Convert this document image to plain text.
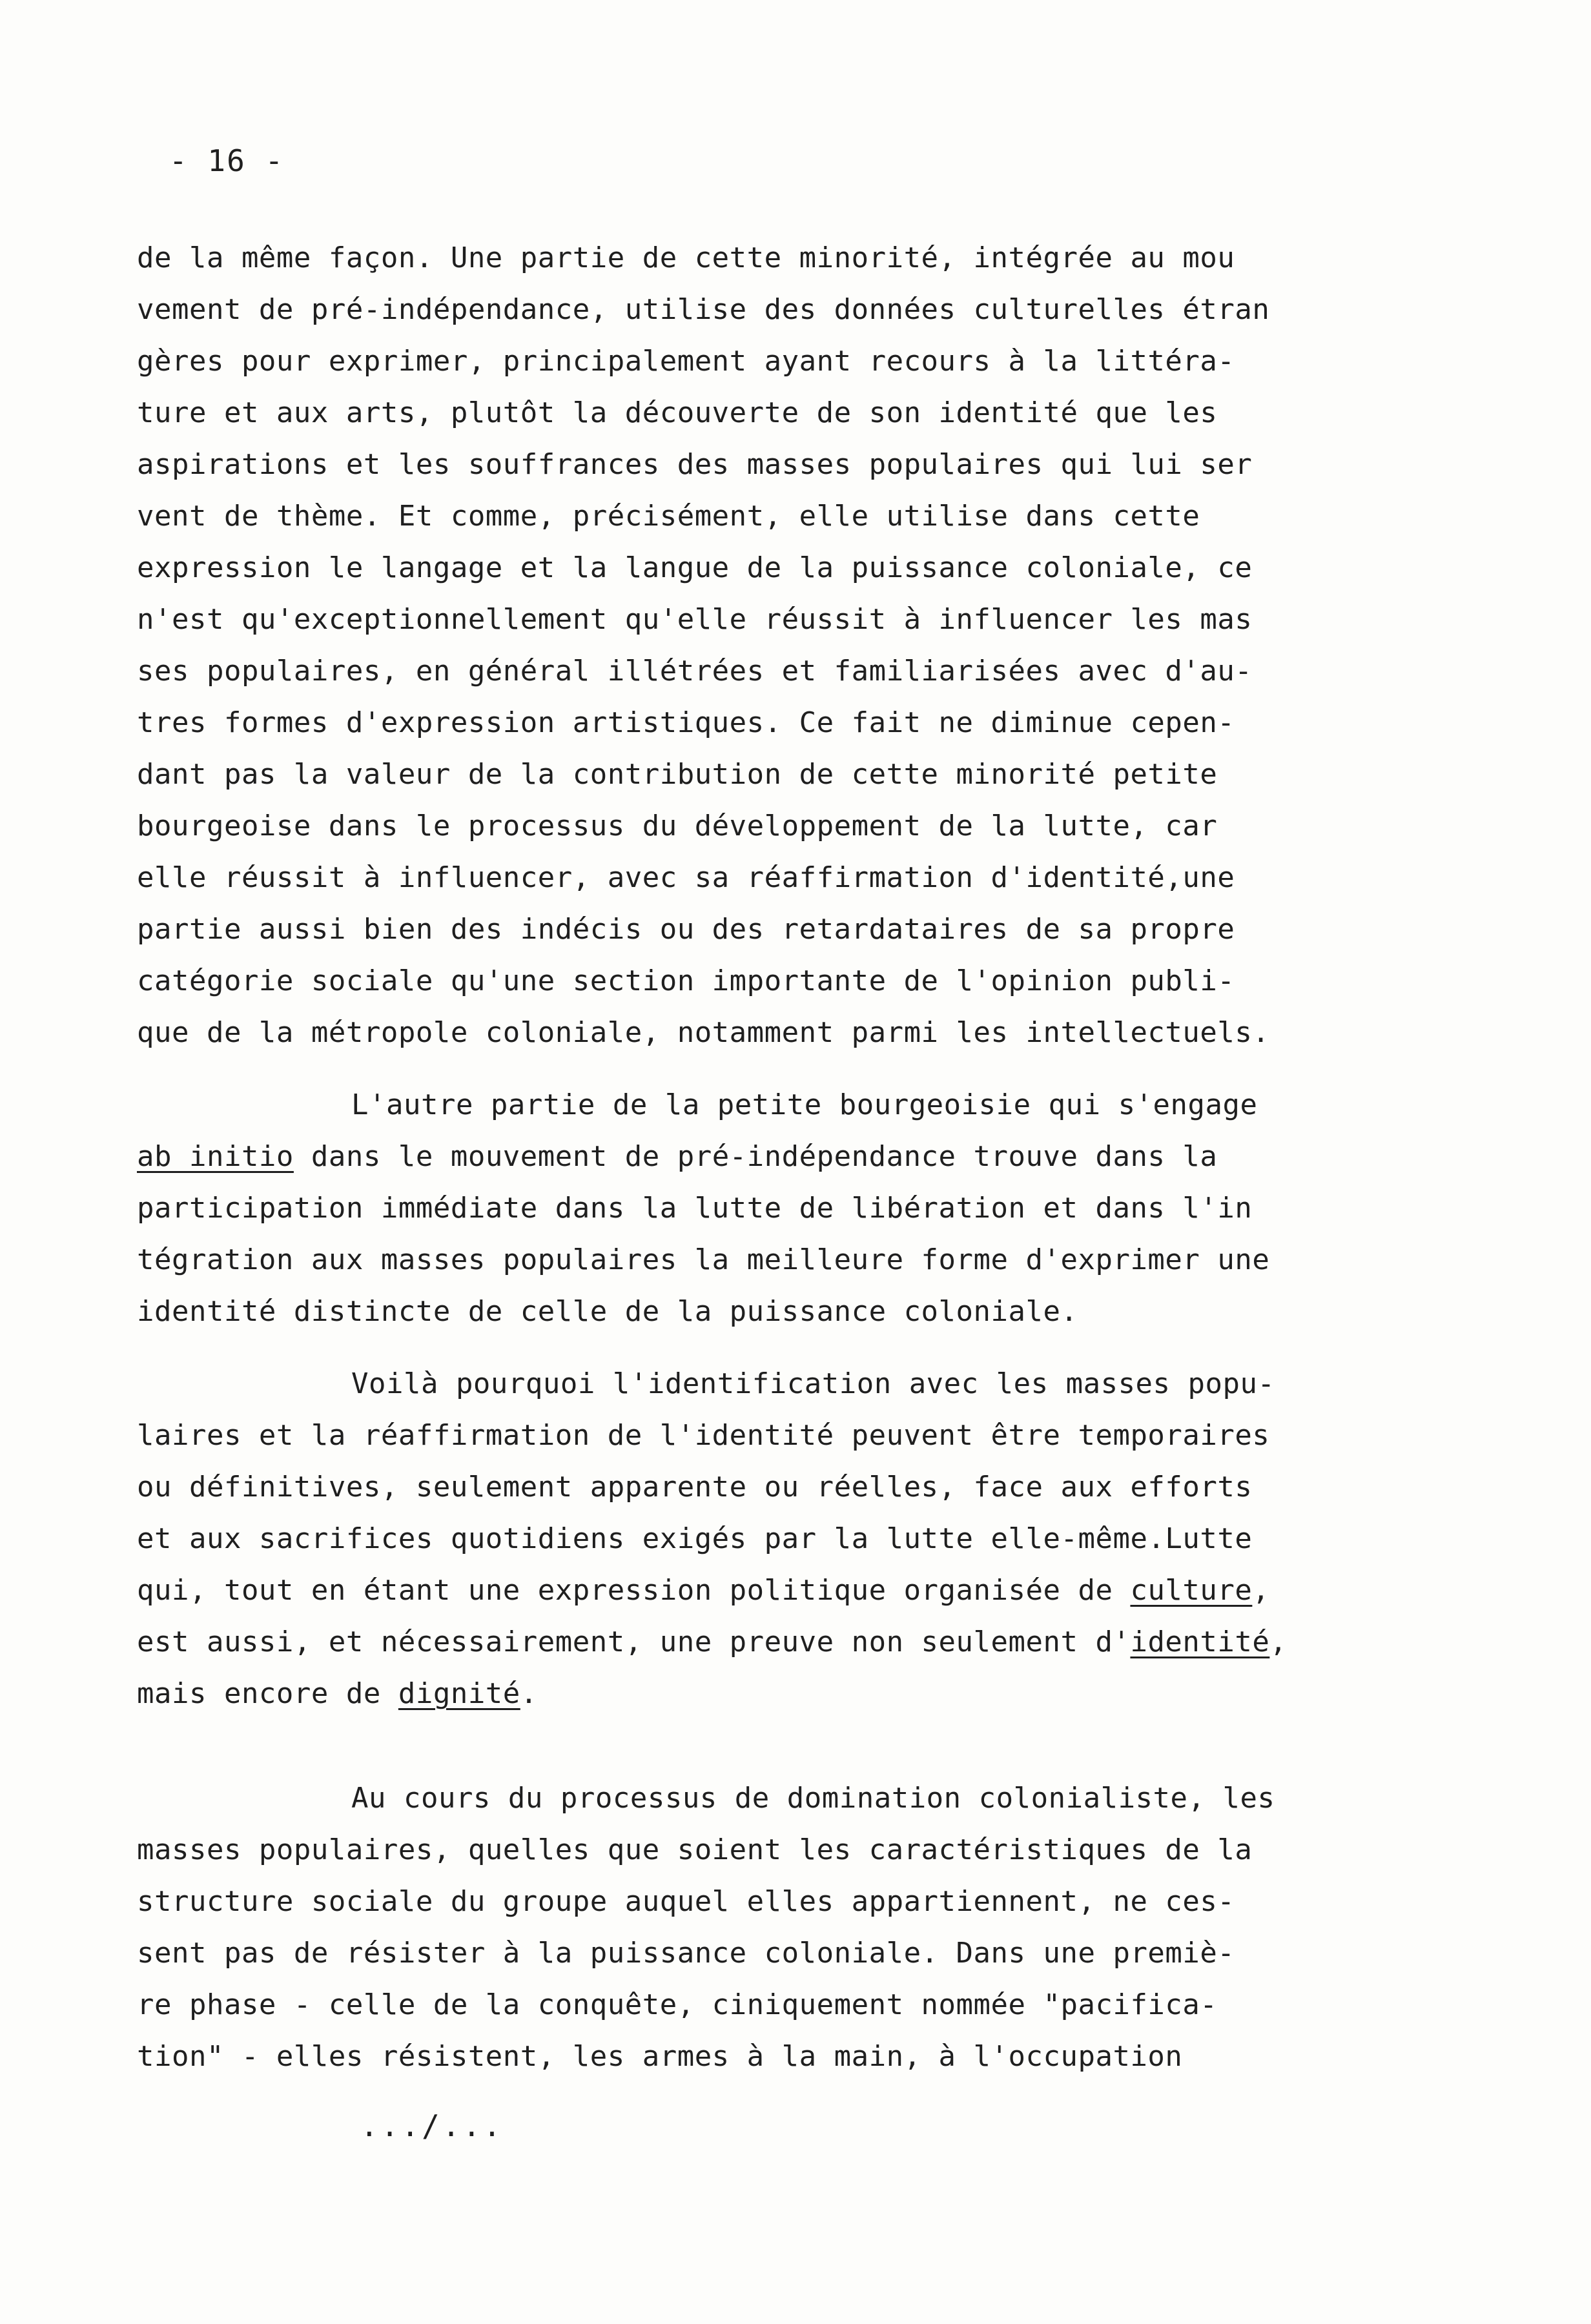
- 16 -
de la même façon. Une partie de cette minorité, intégrée au mou
vement de pré-indépendance, utilise des données culturelles étran
gères pour exprimer, principalement ayant recours à la littéra-
ture et aux arts, plutôt la découverte de son identité que les
aspirations et les souffrances des masses populaires qui lui ser
vent de thème. Et comme, précisément, elle utilise dans cette
expression le langage et la langue de la puissance coloniale, ce
n'est qu'exceptionnellement qu'elle réussit à influencer les mas
ses populaires, en général illétrées et familiarisées avec d'au-
tres formes d'expression artistiques. Ce fait ne diminue cepen-
dant pas la valeur de la contribution de cette minorité petite
bourgeoise dans le processus du développement de la lutte, car
elle réussit à influencer, avec sa réaffirmation d'identité,une
partie aussi bien des indécis ou des retardataires de sa propre
catégorie sociale qu'une section importante de l'opinion publi-
que de la métropole coloniale, notamment parmi les intellectuels.
L'autre partie de la petite bourgeoisie qui s'engage
ab initio dans le mouvement de pré-indépendance trouve dans la
participation immédiate dans la lutte de libération et dans l'in
tégration aux masses populaires la meilleure forme d'exprimer une
identité distincte de celle de la puissance coloniale.
Voilà pourquoi l'identification avec les masses popu-
laires et la réaffirmation de l'identité peuvent être temporaires
ou définitives, seulement apparente ou réelles, face aux efforts
et aux sacrifices quotidiens exigés par la lutte elle-même.Lutte
qui, tout en étant une expression politique organisée de culture,
est aussi, et nécessairement, une preuve non seulement d'identité,
mais encore de dignité.
Au cours du processus de domination colonialiste, les
masses populaires, quelles que soient les caractéristiques de la
structure sociale du groupe auquel elles appartiennent, ne ces-
sent pas de résister à la puissance coloniale. Dans une premiè-
re phase - celle de la conquête, ciniquement nommée "pacifica-
tion" - elles résistent, les armes à la main, à l'occupation
.../...
